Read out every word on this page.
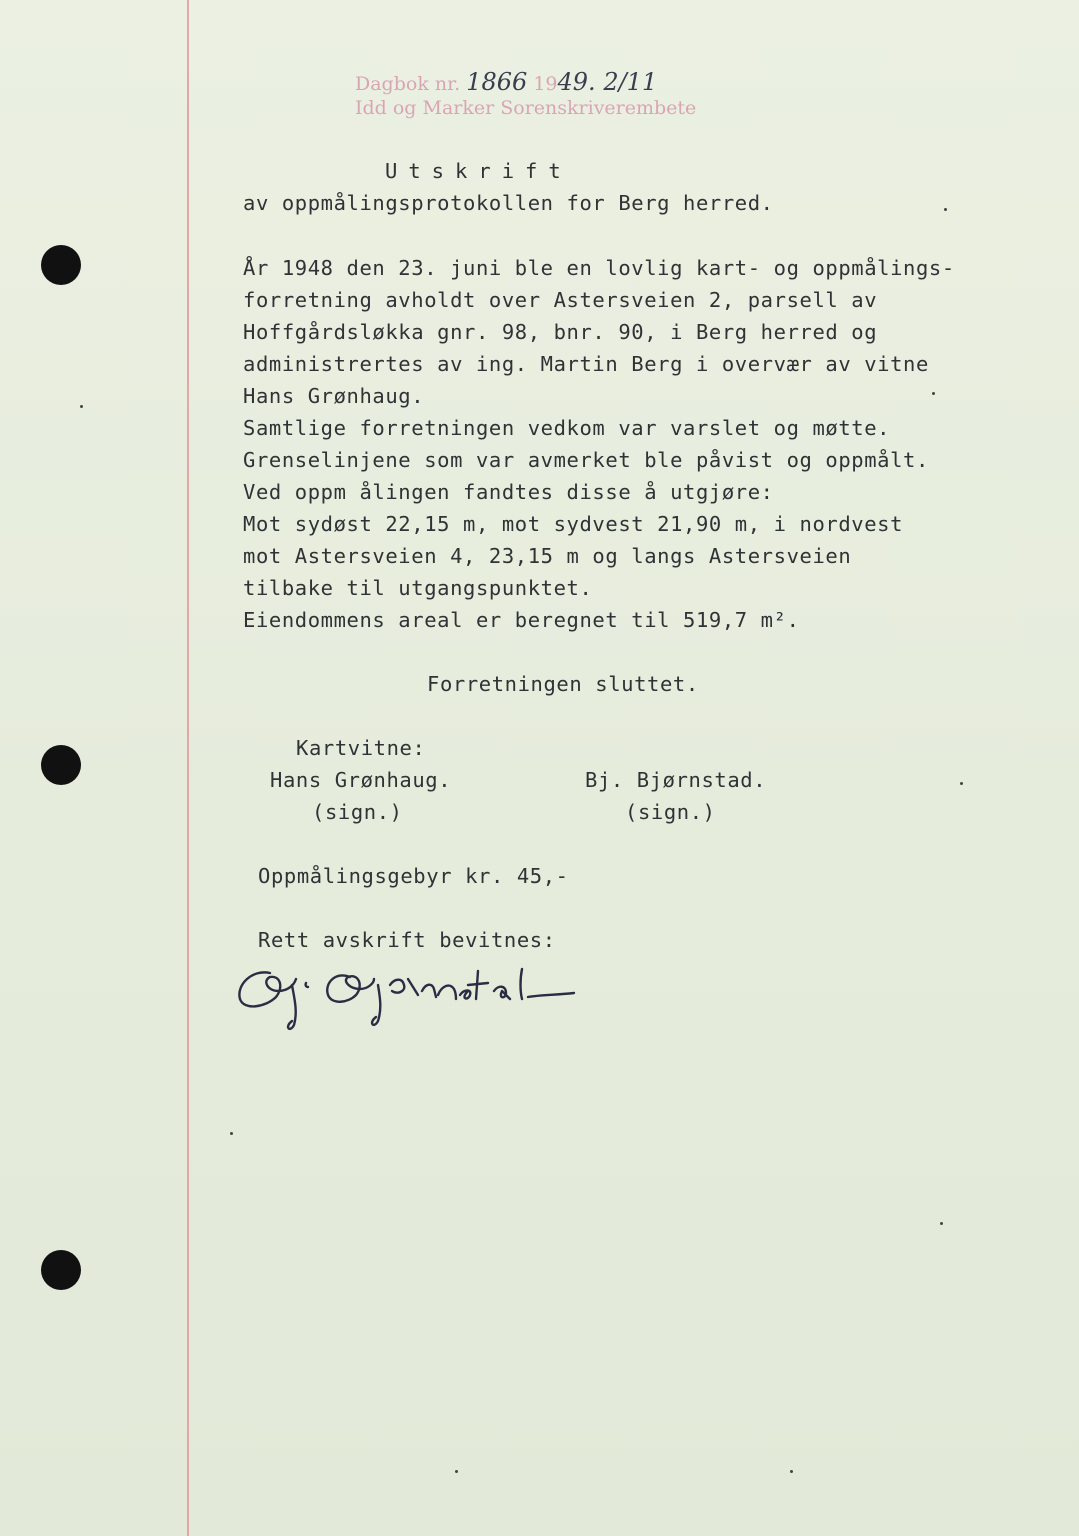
Dagbok nr. 1866 1949. 2/11
Idd og Marker Sorenskriverembete
Utskrift
av oppmålingsprotokollen for Berg herred.
År 1948 den 23. juni ble en lovlig kart- og oppmålings-
forretning avholdt over Astersveien 2, parsell av
Hoffgårdsløkka gnr. 98, bnr. 90, i Berg herred og
administrertes av ing. Martin Berg i overvær av vitne
Hans Grønhaug.
Samtlige forretningen vedkom var varslet og møtte.
Grenselinjene som var avmerket ble påvist og oppmålt.
Ved oppm ålingen fandtes disse å utgjøre:
Mot sydøst 22,15 m, mot sydvest 21,90 m, i nordvest
mot Astersveien 4, 23,15 m og langs Astersveien
tilbake til utgangspunktet.
Eiendommens areal er beregnet til 519,7 m².
Forretningen sluttet.
Kartvitne:
Hans Grønhaug.
(sign.)
Bj. Bjørnstad.
(sign.)
Oppmålingsgebyr kr. 45,-
Rett avskrift bevitnes:
